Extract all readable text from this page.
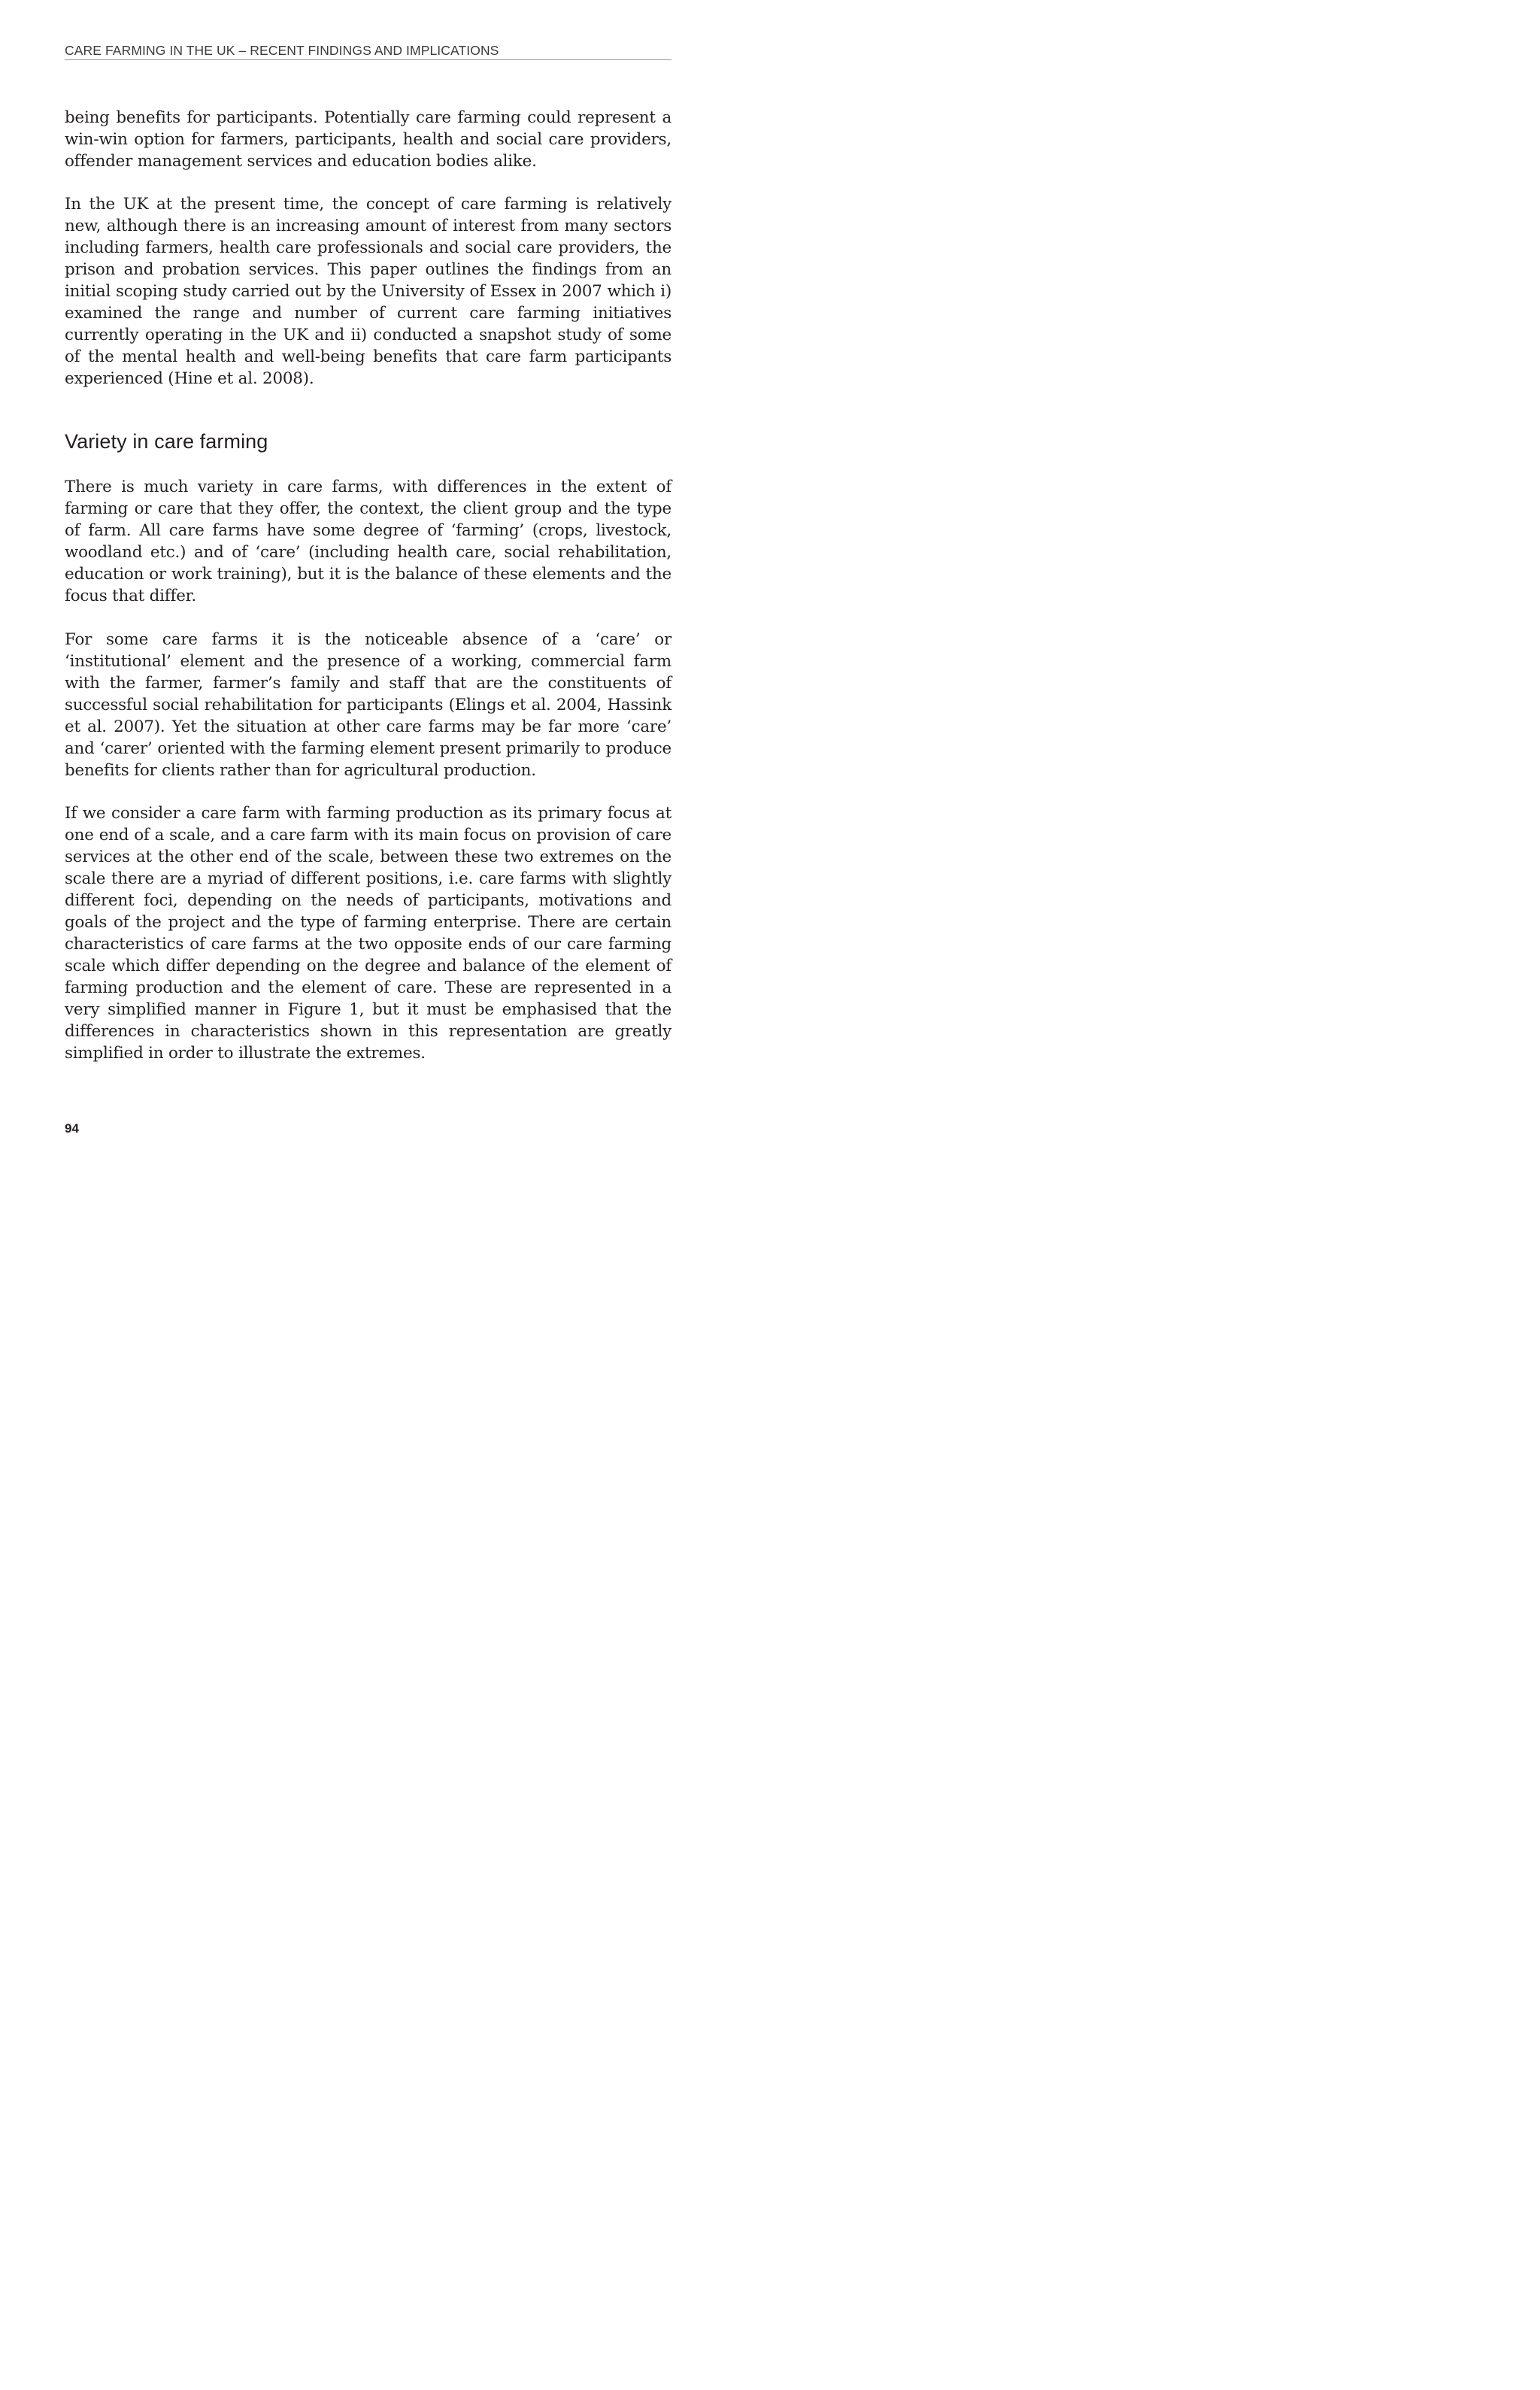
CARE FARMING IN THE UK – RECENT FINDINGS AND IMPLICATIONS

being benefits for participants. Potentially care farming could represent a win-win option for farmers, participants, health and social care providers, offender management services and education bodies alike.

In the UK at the present time, the concept of care farming is relatively new, although there is an increasing amount of interest from many sectors including farmers, health care professionals and social care providers, the prison and probation services. This paper outlines the findings from an initial scoping study carried out by the University of Essex in 2007 which i) examined the range and number of current care farming initiatives currently operating in the UK and ii) conducted a snapshot study of some of the mental health and well-being benefits that care farm participants experienced (Hine et al. 2008).

Variety in care farming

There is much variety in care farms, with differences in the extent of farming or care that they offer, the context, the client group and the type of farm. All care farms have some degree of ‘farming’ (crops, livestock, woodland etc.) and of ‘care’ (including health care, social rehabilitation, education or work training), but it is the balance of these elements and the focus that differ.

For some care farms it is the noticeable absence of a ‘care’ or ‘institutional’ element and the presence of a working, commercial farm with the farmer, farmer’s family and staff that are the constituents of successful social rehabilitation for participants (Elings et al. 2004, Hassink et al. 2007). Yet the situation at other care farms may be far more ‘care’ and ‘carer’ oriented with the farming element present primarily to produce benefits for clients rather than for agricultural production.

If we consider a care farm with farming production as its primary focus at one end of a scale, and a care farm with its main focus on provision of care services at the other end of the scale, between these two extremes on the scale there are a myriad of different positions, i.e. care farms with slightly different foci, depending on the needs of participants, motivations and goals of the project and the type of farming enterprise. There are certain characteristics of care farms at the two opposite ends of our care farming scale which differ depending on the degree and balance of the element of farming production and the element of care. These are represented in a very simplified manner in Figure 1, but it must be emphasised that the differences in characteristics shown in this representation are greatly simplified in order to illustrate the extremes.

94
